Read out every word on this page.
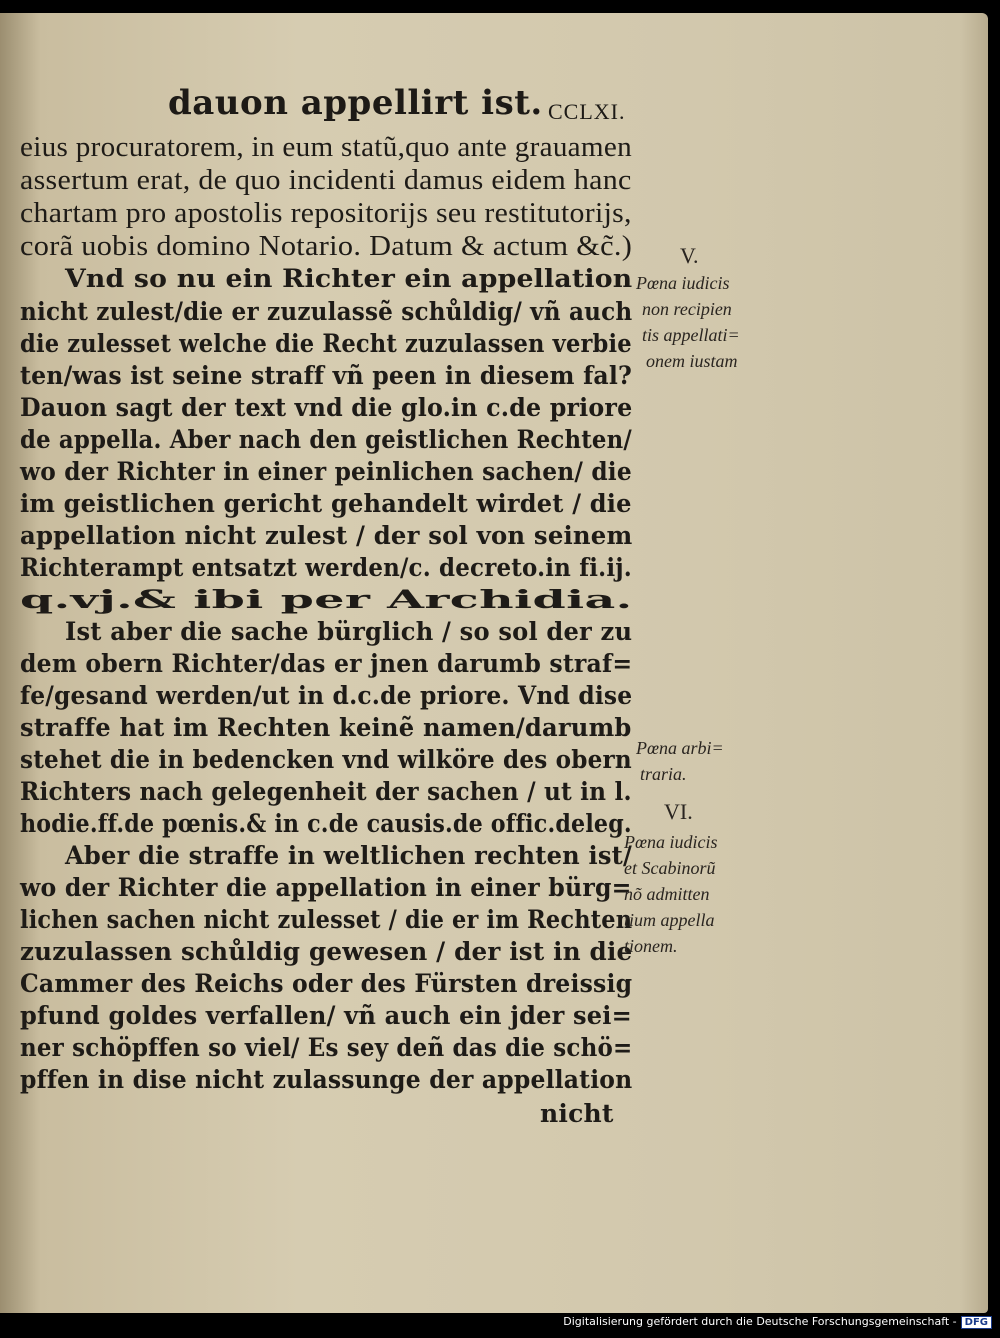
dauon appellirt ist. CCLXI.
eius procuratorem, in eum statũ,quo ante grauamen
assertum erat, de quo incidenti damus eidem hanc
chartam pro apostolis repositorijs seu restitutorijs,
corã uobis domino Notario. Datum & actum &c̃.)
Vnd so nu ein Richter ein appellation
nicht zulest/die er zuzulassẽ schůldig/ vñ auch
die zulesset welche die Recht zuzulassen verbie
ten/was ist seine straff vñ peen in diesem fal?
Dauon sagt der text vnd die glo.in c.de priore
de appella. Aber nach den geistlichen Rechten/
wo der Richter in einer peinlichen sachen/ die
im geistlichen gericht gehandelt wirdet / die
appellation nicht zulest / der sol von seinem
Richterampt entsatzt werden/c. decreto.in fi.ij.
q.vj.& ibi per Archidia.
Ist aber die sache bürglich / so sol der zu
dem obern Richter/das er jnen darumb straf=
fe/gesand werden/ut in d.c.de priore. Vnd dise
straffe hat im Rechten keinẽ namen/darumb
stehet die in bedencken vnd wilköre des obern
Richters nach gelegenheit der sachen / ut in l.
hodie.ff.de pœnis.& in c.de causis.de offic.deleg.
Aber die straffe in weltlichen rechten ist/
wo der Richter die appellation in einer bürg=
lichen sachen nicht zulesset / die er im Rechten
zuzulassen schůldig gewesen / der ist in die
Cammer des Reichs oder des Fürsten dreissig
pfund goldes verfallen/ vñ auch ein jder sei=
ner schöpffen so viel/ Es sey deñ das die schö=
pffen in dise nicht zulassunge der appellation
nicht
V.
Pœna iudicis
non recipien
tis appellati=
onem iustam
Pœna arbi=
traria.
VI.
Pœna iudicis
et Scabinorũ
nõ admitten
tium appella
tionem.
Digitalisierung gefördert durch die Deutsche Forschungsgemeinschaft - DFG
